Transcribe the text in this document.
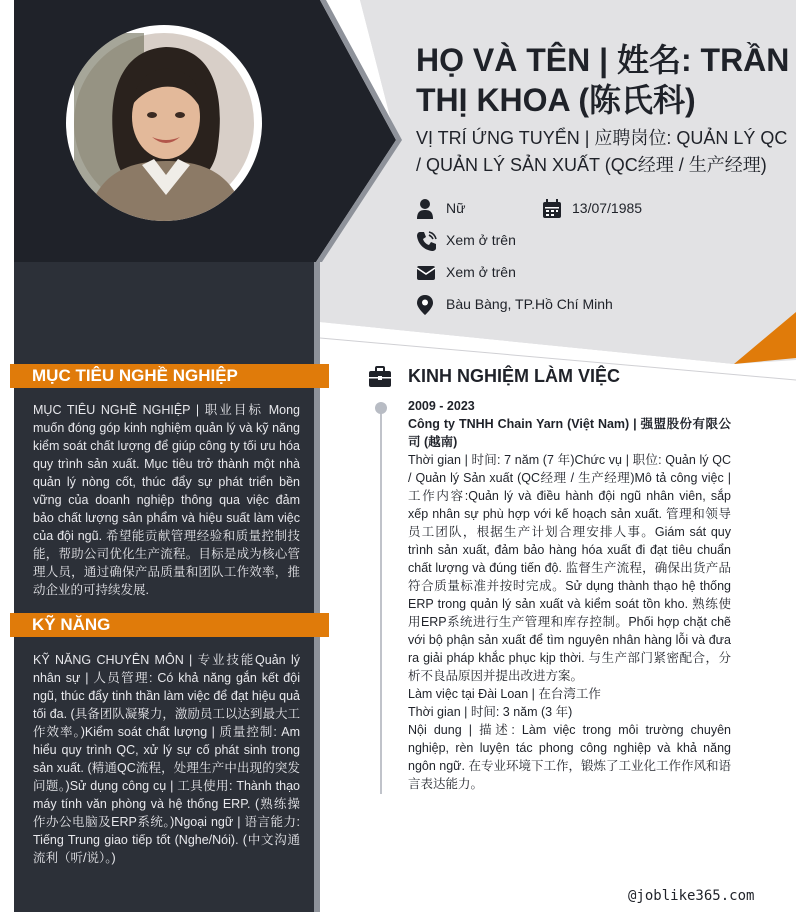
HỌ VÀ TÊN | 姓名: TRẦN THỊ KHOA (陈氏科)
VỊ TRÍ ỨNG TUYỂN | 应聘岗位: QUẢN LÝ QC / QUẢN LÝ SẢN XUẤT (QC经理 / 生产经理)
Nữ	13/07/1985
Xem ở trên
Xem ở trên
Bàu Bàng, TP.Hồ Chí Minh
MỤC TIÊU NGHỀ NGHIỆP
MỤC TIÊU NGHỀ NGHIỆP | 职业目标 Mong muốn đóng góp kinh nghiệm quản lý và kỹ năng kiểm soát chất lượng để giúp công ty tối ưu hóa quy trình sản xuất. Mục tiêu trở thành một nhà quản lý nòng cốt, thúc đẩy sự phát triển bền vững của doanh nghiệp thông qua việc đảm bảo chất lượng sản phẩm và hiệu suất làm việc của đội ngũ. 希望能贡献管理经验和质量控制技能，帮助公司优化生产流程。目标是成为核心管理人员，通过确保产品质量和团队工作效率，推动企业的可持续发展.
KỸ NĂNG
KỸ NĂNG CHUYÊN MÔN | 专业技能Quản lý nhân sự | 人员管理: Có khả năng gắn kết đội ngũ, thúc đẩy tinh thần làm việc để đạt hiệu quả tối đa. (具备团队凝聚力，激励员工以达到最大工作效率。)Kiểm soát chất lượng | 质量控制: Am hiểu quy trình QC, xử lý sự cố phát sinh trong sản xuất. (精通QC流程，处理生产中出现的突发问题。)Sử dụng công cụ | 工具使用: Thành thạo máy tính văn phòng và hệ thống ERP. (熟练操作办公电脑及ERP系统。)Ngoại ngữ | 语言能力: Tiếng Trung giao tiếp tốt (Nghe/Nói). (中文沟通流利（听/说）。)
KINH NGHIỆM LÀM VIỆC
2009 - 2023
Công ty TNHH Chain Yarn (Việt Nam) | 强盟股份有限公司 (越南)
Thời gian | 时间: 7 năm (7 年)Chức vụ | 职位: Quản lý QC / Quản lý Sản xuất (QC经理 / 生产经理)Mô tả công việc | 工作内容:Quản lý và điều hành đội ngũ nhân viên, sắp xếp nhân sự phù hợp với kế hoạch sản xuất. 管理和领导员工团队，根据生产计划合理安排人事。Giám sát quy trình sản xuất, đảm bảo hàng hóa xuất đi đạt tiêu chuẩn chất lượng và đúng tiến độ. 监督生产流程，确保出货产品符合质量标准并按时完成。Sử dụng thành thạo hệ thống ERP trong quản lý sản xuất và kiểm soát tồn kho. 熟练使用ERP系统进行生产管理和库存控制。Phối hợp chặt chẽ với bộ phận sản xuất để tìm nguyên nhân hàng lỗi và đưa ra giải pháp khắc phục kịp thời. 与生产部门紧密配合，分析不良品原因并提出改进方案。
Làm việc tại Đài Loan | 在台湾工作
Thời gian | 时间: 3 năm (3 年)
Nội dung | 描述: Làm việc trong môi trường chuyên nghiệp, rèn luyện tác phong công nghiệp và khả năng ngôn ngữ. 在专业环境下工作，锻炼了工业化工作作风和语言表达能力。
@joblike365.com
